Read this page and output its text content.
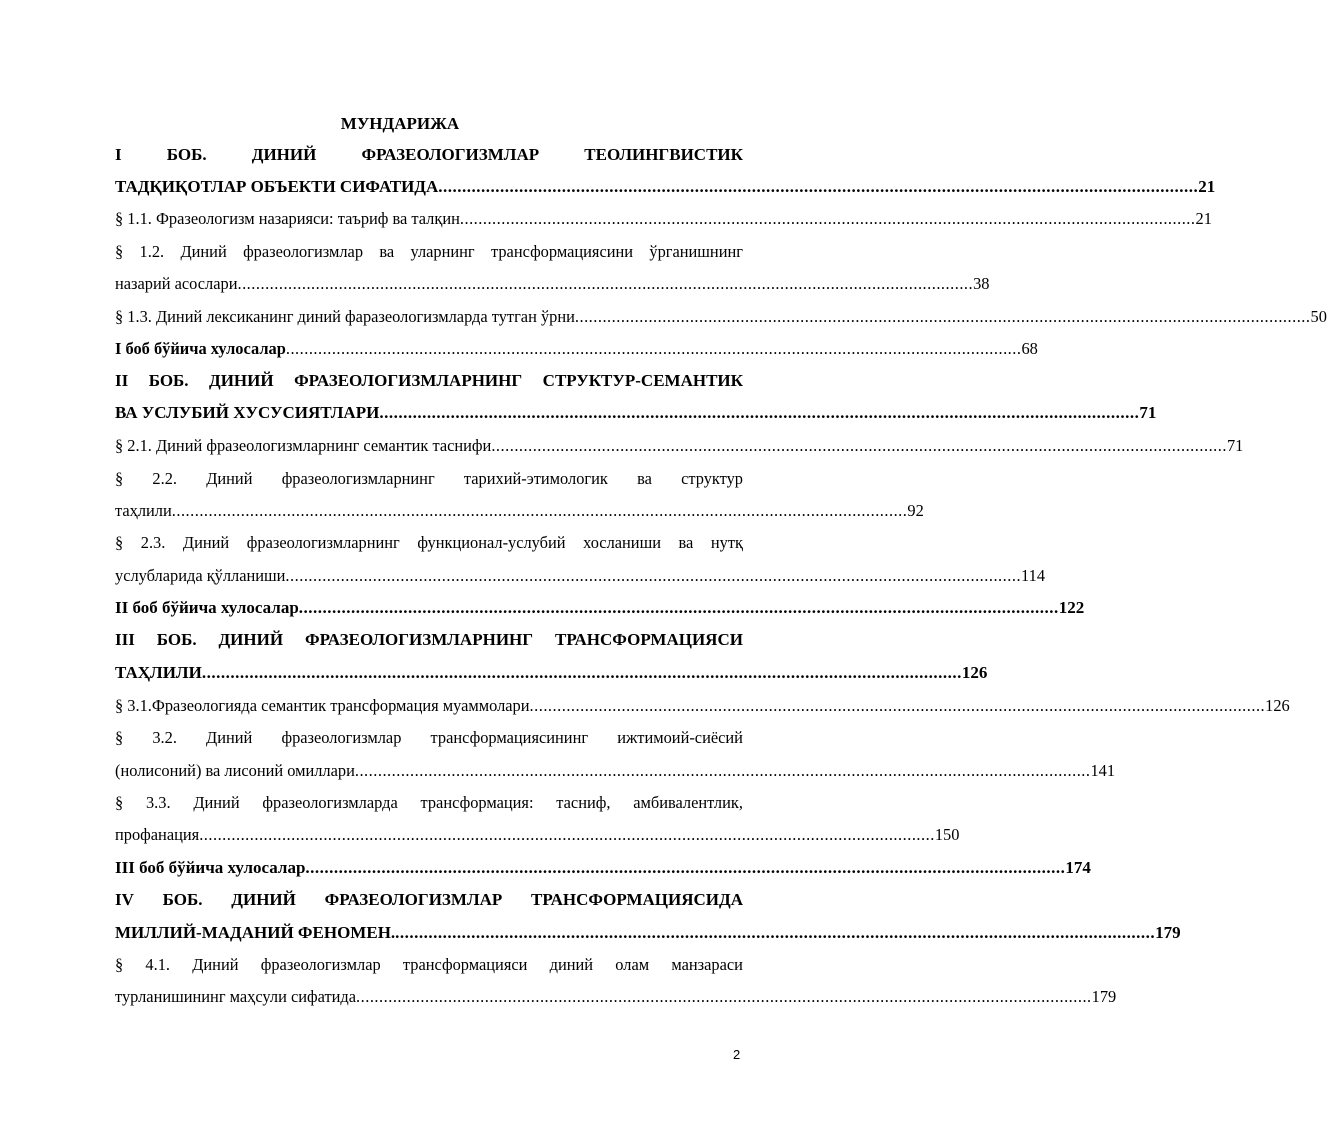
МУНДАРИЖА
I	БОБ.	ДИНИЙ	ФРАЗЕОЛОГИЗМЛАР	ТЕОЛИНГВИСТИК
ТАДҚИҚОТЛАР ОБЪЕКТИ СИФАТИДА ................................................................................................................................................................ 21
§ 1.1. Фразеологизм назарияси: таъриф ва талқин ................................................................................................................................................................ 21
§ 1.2. Диний фразеологизмлар ва уларнинг трансформациясини ўрганишнинг
назарий асослари ................................................................................................................................................................ 38
§ 1.3. Диний лексиканинг диний фаразеологизмларда тутган ўрни ................................................................................................................................................................ 50
I боб бўйича хулосалар ................................................................................................................................................................ 68
II БОБ. ДИНИЙ ФРАЗЕОЛОГИЗМЛАРНИНГ СТРУКТУР-СЕМАНТИК
ВА УСЛУБИЙ ХУСУСИЯТЛАРИ ................................................................................................................................................................ 71
§ 2.1. Диний фразеологизмларнинг семантик таснифи ................................................................................................................................................................ 71
§ 2.2. Диний фразеологизмларнинг тарихий-этимологик ва структур
таҳлили ................................................................................................................................................................ 92
§ 2.3. Диний фразеологизмларнинг функционал-услубий хосланиши ва нутқ
услубларида қўлланиши ................................................................................................................................................................ 114
II боб бўйича хулосалар ................................................................................................................................................................ 122
III БОБ. ДИНИЙ ФРАЗЕОЛОГИЗМЛАРНИНГ ТРАНСФОРМАЦИЯСИ
ТАҲЛИЛИ ................................................................................................................................................................ 126
§ 3.1.Фразеологияда семантик трансформация муаммолари ................................................................................................................................................................ 126
§ 3.2. Диний фразеологизмлар трансформациясининг ижтимоий-сиёсий
(нолисоний) ва лисоний омиллари ................................................................................................................................................................ 141
§ 3.3. Диний фразеологизмларда трансформация: тасниф, амбивалентлик,
профанация ................................................................................................................................................................ 150
III боб бўйича хулосалар ................................................................................................................................................................ 174
IV БОБ. ДИНИЙ ФРАЗЕОЛОГИЗМЛАР ТРАНСФОРМАЦИЯСИДА
МИЛЛИЙ-МАДАНИЙ ФЕНОМЕН. ................................................................................................................................................................ 179
§ 4.1. Диний фразеологизмлар трансформацияси диний олам манзараси
турланишининг маҳсули сифатида ................................................................................................................................................................ 179
2
